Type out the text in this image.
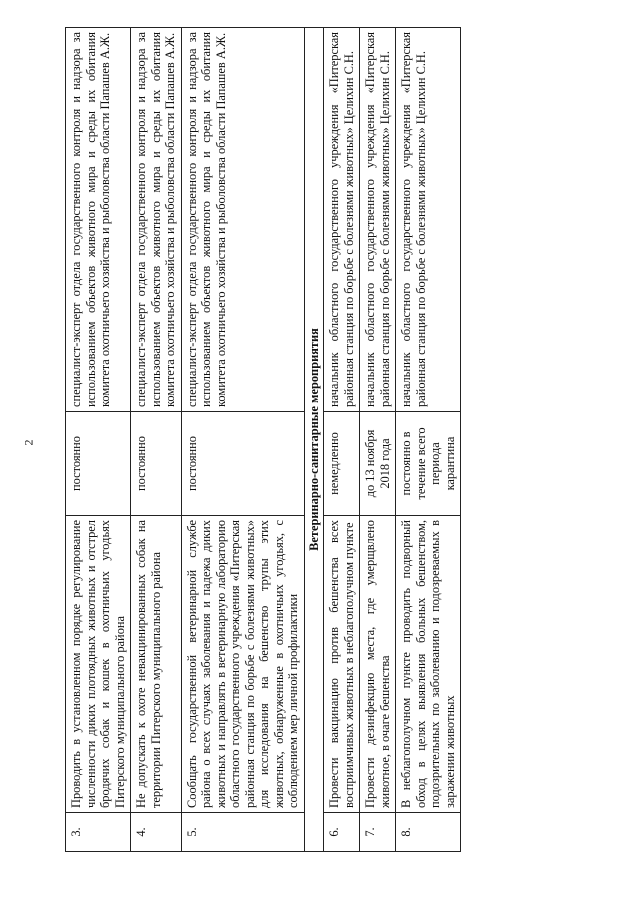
2
3.	Проводить в установленном порядке регулирование численности диких плотоядных животных и отстрел бродячих собак и кошек в охотничьих угодьях Питерского муниципального района	постоянно	специалист-эксперт отдела государственного контроля и надзора за использованием объектов животного мира и среды их обитания комитета охотничьего хозяйства и рыболовства области Папашев А.Ж.
4.	Не допускать к охоте невакцинированных собак на территории Питерского муниципального района	постоянно	специалист-эксперт отдела государственного контроля и надзора за использованием объектов животного мира и среды их обитания комитета охотничьего хозяйства и рыболовства области Папашев А.Ж.
5.	Сообщать государственной ветеринарной службе района о всех случаях заболевания и падежа диких животных и направлять в ветеринарную лабораторию областного государственного учреждения «Питерская районная станция по борьбе с болезнями животных» для исследования на бешенство трупы этих животных, обнаруженные в охотничьих угодьях, с соблюдением мер личной профилактики	постоянно	специалист-эксперт отдела государственного контроля и надзора за использованием объектов животного мира и среды их обитания комитета охотничьего хозяйства и рыболовства области Папашев А.Ж.
Ветеринарно-санитарные мероприятия			
6.	Провести вакцинацию против бешенства всех восприимчивых животных в неблагополучном пункте	немедленно	начальник областного государственного учреждения «Питерская районная станция по борьбе с болезнями животных» Целихин С.Н.
7.	Провести дезинфекцию места, где умерщвлено животное, в очаге бешенства	до 13 ноября 2018 года	начальник областного государственного учреждения «Питерская районная станция по борьбе с болезнями животных» Целихин С.Н.
8.	В неблагополучном пункте проводить подворный обход в целях выявления больных бешенством, подозрительных по заболеванию и подозреваемых в заражении животных	постоянно в течение всего периода карантина	начальник областного государственного учреждения «Питерская районная станция по борьбе с болезнями животных» Целихин С.Н.
